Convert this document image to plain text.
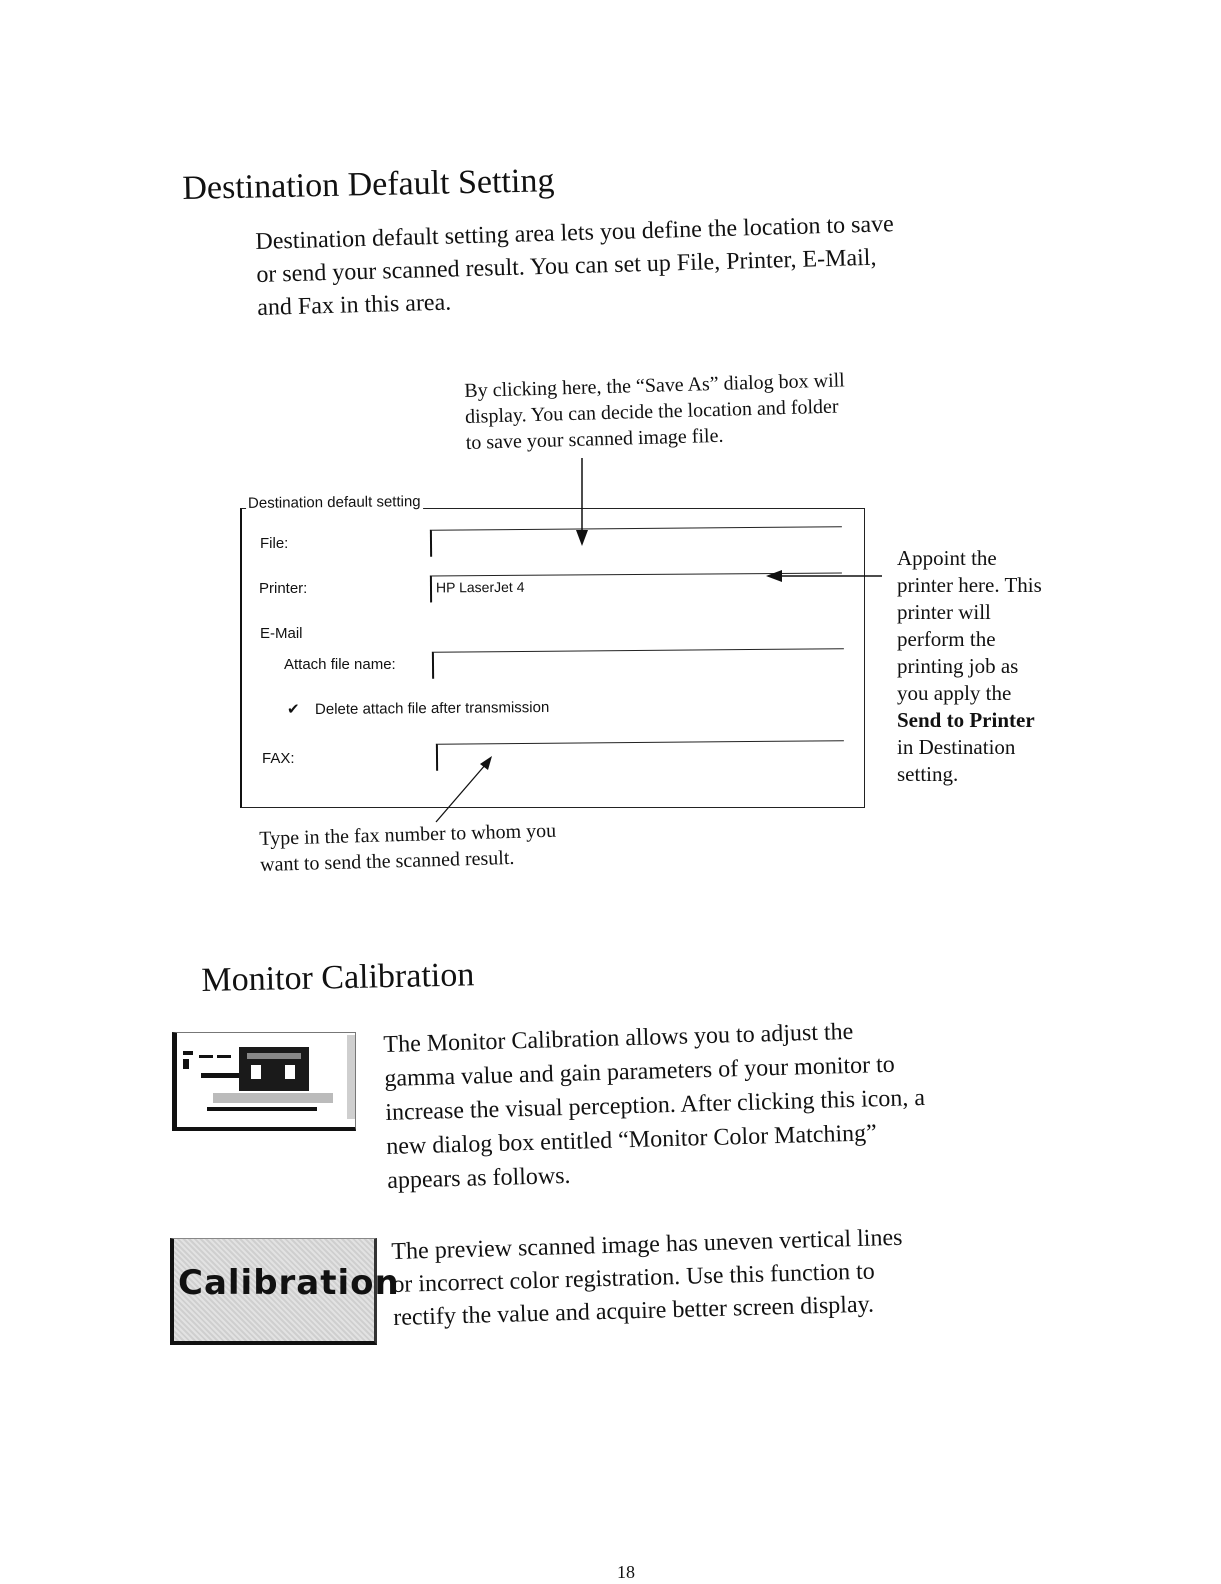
Destination Default Setting
Destination default setting area lets you define the location to save
or send your scanned result. You can set up File, Printer, E-Mail,
and Fax in this area.
By clicking here, the “Save As” dialog box will
display. You can decide the location and folder
to save your scanned image file.
Destination default setting
File:
Printer:	HP LaserJet 4
E-Mail
Attach file name:
✔ Delete attach file after transmission
FAX:
Appoint the
printer here. This
printer will
perform the
printing job as
you apply the
Send to Printer
in Destination
setting.
Type in the fax number to whom you
want to send the scanned result.
Monitor Calibration
The Monitor Calibration allows you to adjust the
gamma value and gain parameters of your monitor to
increase the visual perception. After clicking this icon, a
new dialog box entitled “Monitor Color Matching”
appears as follows.
Calibration
The preview scanned image has uneven vertical lines
or incorrect color registration. Use this function to
rectify the value and acquire better screen display.
18
